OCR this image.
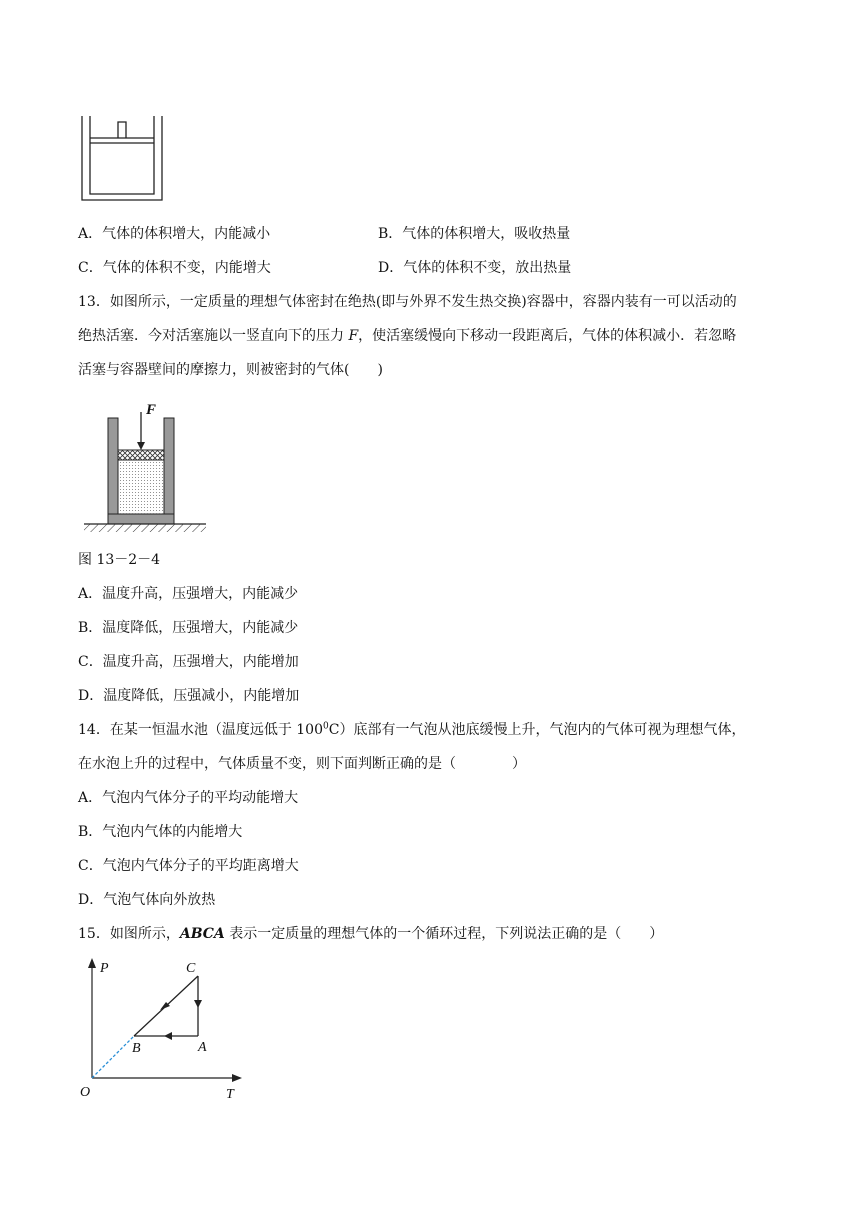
A．气体的体积增大，内能减小	B．气体的体积增大，吸收热量
C．气体的体积不变，内能增大	D．气体的体积不变，放出热量
13．如图所示，一定质量的理想气体密封在绝热(即与外界不发生热交换)容器中，容器内装有一可以活动的
绝热活塞．今对活塞施以一竖直向下的压力 F，使活塞缓慢向下移动一段距离后，气体的体积减小．若忽略
活塞与容器壁间的摩擦力，则被密封的气体(　　)
F
图 13－2－4
A．温度升高，压强增大，内能减少
B．温度降低，压强增大，内能减少
C．温度升高，压强增大，内能增加
D．温度降低，压强减小，内能增加
14．在某一恒温水池（温度远低于 $100^0C$）底部有一气泡从池底缓慢上升，气泡内的气体可视为理想气体，
在水泡上升的过程中，气体质量不变，则下面判断正确的是（　　　　）
A．气泡内气体分子的平均动能增大
B．气泡内气体的内能增大
C．气泡内气体分子的平均距离增大
D．气泡气体向外放热
15．如图所示，ABCA 表示一定质量的理想气体的一个循环过程，下列说法正确的是（　　）
P
T
O
C
A
B
